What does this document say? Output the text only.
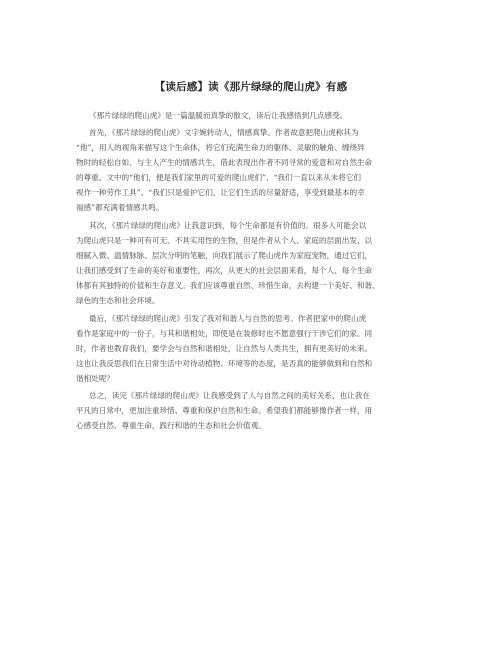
【读后感】读《那片绿绿的爬山虎》有感
《那片绿绿的爬山虎》是一篇温暖而真挚的散文，读后让我感悟到几点感受。
首先，《那片绿绿的爬山虎》文字婉转动人，情感真挚。作者故意把爬山虎称其为
“他”，用人的视角来描写这个生命体，将它们充满生命力的躯体、灵敏的触角、缠绕异
物时的轻松自如、与主人产生的情感共生，借此表现出作者不同寻常的爱意和对自然生命
的尊重。文中的“他们，便是我们家里的可爱的爬山虎们”、“我们一直以来从未将它们
视作一种劳作工具”、“我们只是爱护它们，让它们生活的尽量舒适，享受到最基本的幸
福感”都充满着情感共鸣。
其次，《那片绿绿的爬山虎》让我意识到，每个生命都是有价值的。很多人可能会以
为爬山虎只是一种可有可无、不具实用性的生物，但是作者从个人、家庭的层面出发，以
细腻入微、温情脉脉、层次分明的笔触，向我们展示了爬山虎作为家庭宠物，通过它们，
让我们感受到了生命的美好和重要性。再次，从更大的社会层面来看，每个人、每个生命
体都有其独特的价值和生存意义。我们应该尊重自然、珍惜生命，去构建一个美好、和谐、
绿色的生态和社会环境。
最后，《那片绿绿的爬山虎》引发了我对和谐人与自然的思考。作者把家中的爬山虎
看作是家庭中的一份子，与其和谐相处，即使是在装修时也不愿意强行干涉它们的家。同
时，作者也教育我们，要学会与自然和谐相处，让自然与人类共生，拥有更美好的未来。
这也让我反思我们在日常生活中对待动植物、环境等的态度，是否真的能够做到和自然和
谐相处呢？
总之，读完《那片绿绿的爬山虎》让我感受到了人与自然之间的美好关系，也让我在
平凡的日常中，更加注重珍惜、尊重和保护自然和生命。希望我们都能够像作者一样，用
心感受自然、尊重生命，践行和谐的生态和社会价值观。
